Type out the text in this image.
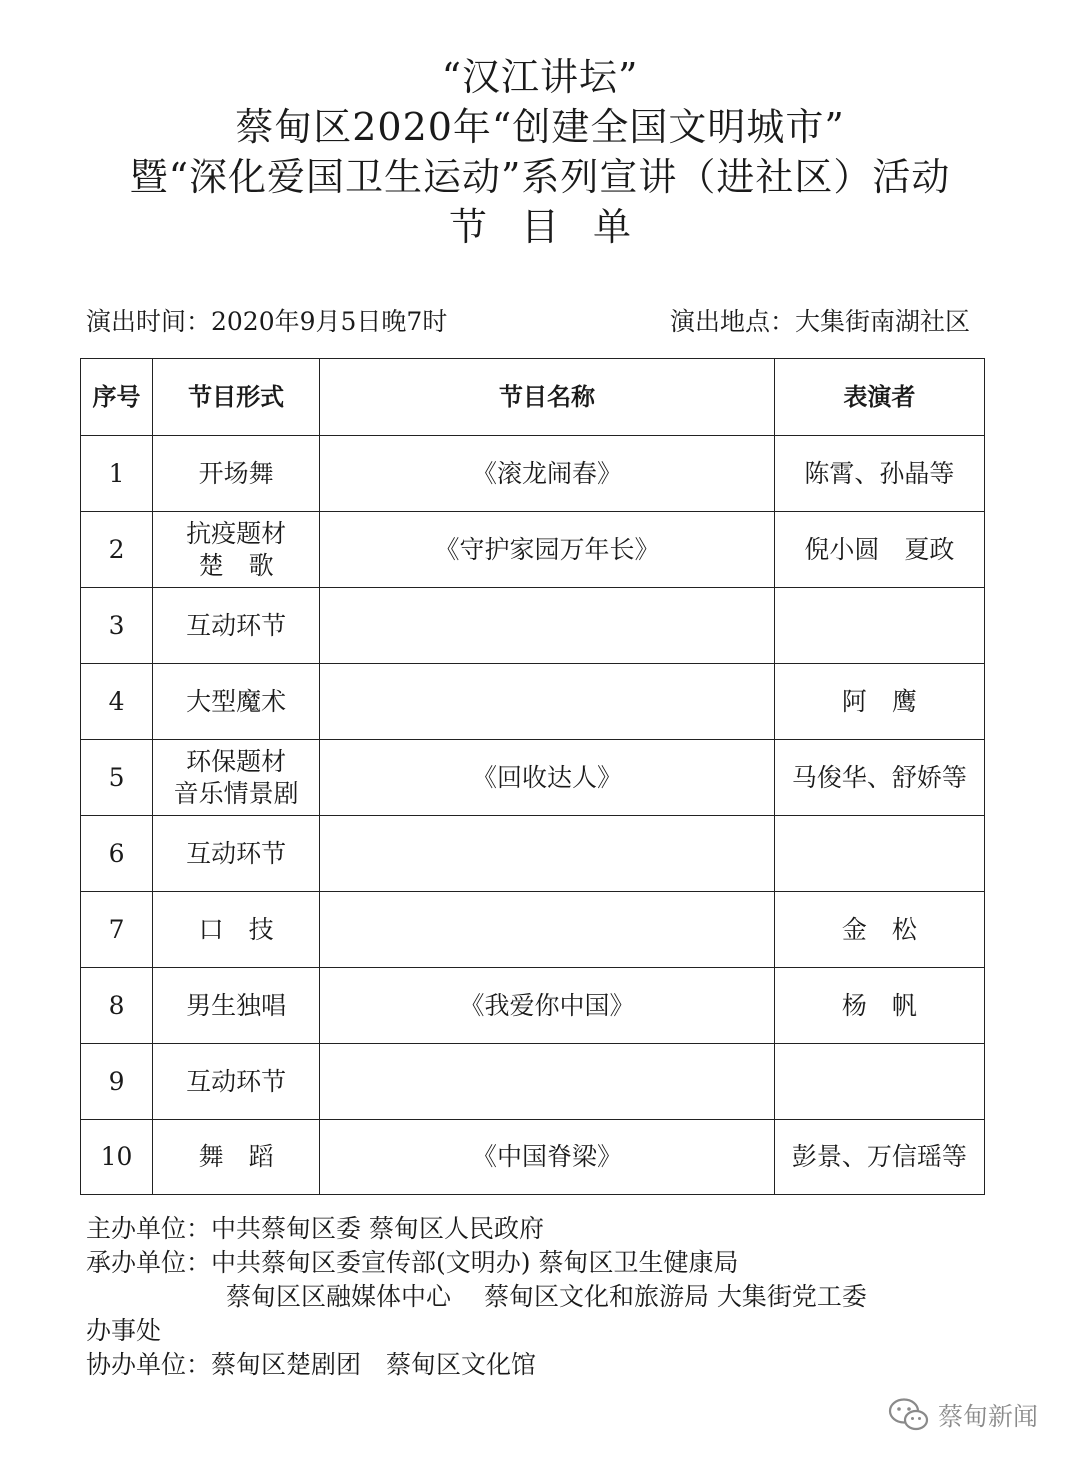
“汉江讲坛”
蔡甸区2020年“创建全国文明城市”
暨“深化爱国卫生运动”系列宣讲（进社区）活动
节目单
演出时间：2020年9月5日晚7时	演出地点：大集街南湖社区
序号	节目形式	节目名称	表演者
1	开场舞	《滚龙闹春》	陈霄、孙晶等
2	抗疫题材
楚　歌	《守护家园万年长》	倪小圆　夏政
3	互动环节		
4	大型魔术		阿　鹰
5	环保题材
音乐情景剧	《回收达人》	马俊华、舒娇等
6	互动环节		
7	口　技		金　松
8	男生独唱	《我爱你中国》	杨　帆
9	互动环节		
10	舞　蹈	《中国脊梁》	彭景、万信瑶等
主办单位：中共蔡甸区委 蔡甸区人民政府
承办单位：中共蔡甸区委宣传部(文明办) 蔡甸区卫生健康局
蔡甸区区融媒体中心　 蔡甸区文化和旅游局 大集街党工委
办事处
协办单位：蔡甸区楚剧团　蔡甸区文化馆
蔡甸新闻
